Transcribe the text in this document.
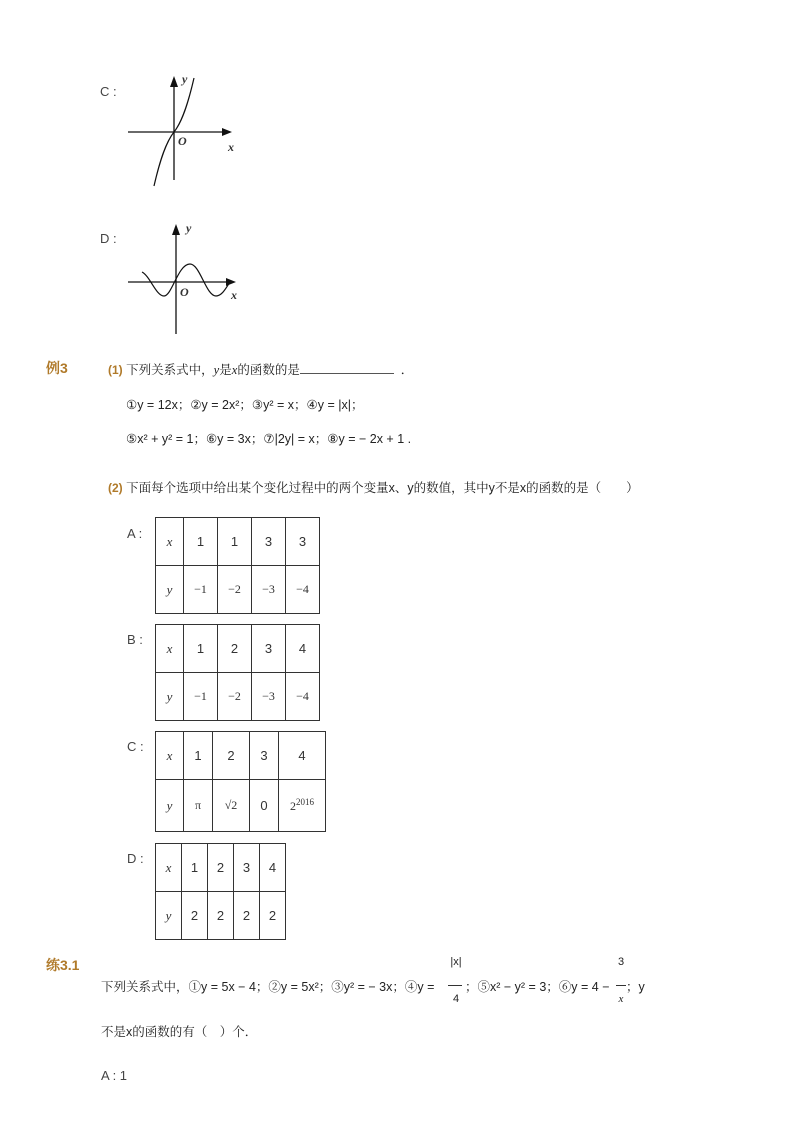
C :
y
O	x
D :
y
O	x
例3	(1) 下列关系式中，y是x的函数的是	．
①y = 12x；②y = 2x²；③y² = x；④y = |x|；
⑤x² + y² = 1；⑥y = 3x；⑦|2y| = x；⑧y = − 2x + 1 .
(2) 下面每个选项中给出某个变化过程中的两个变量x、y的数值，其中y不是x的函数的是（　　）
A : x	1	1	3	3
y	−1	−2	−3	−4
B :
x	1	2	3	4
y	−1	−2	−3	−4
C :
x	1	2	3	4
y	π	√2	0	$2^{2016}$
D :
x	1	2	3	4
y	2	2	2	2
练3.1
下列关系式中，①y = 5x − 4；②y = 5x²；③y² = − 3x；④y =
|x|
4
；⑤x² − y² = 3；⑥y = 4 −
3
x
；y
不是x的函数的有（　）个．
A : 1
